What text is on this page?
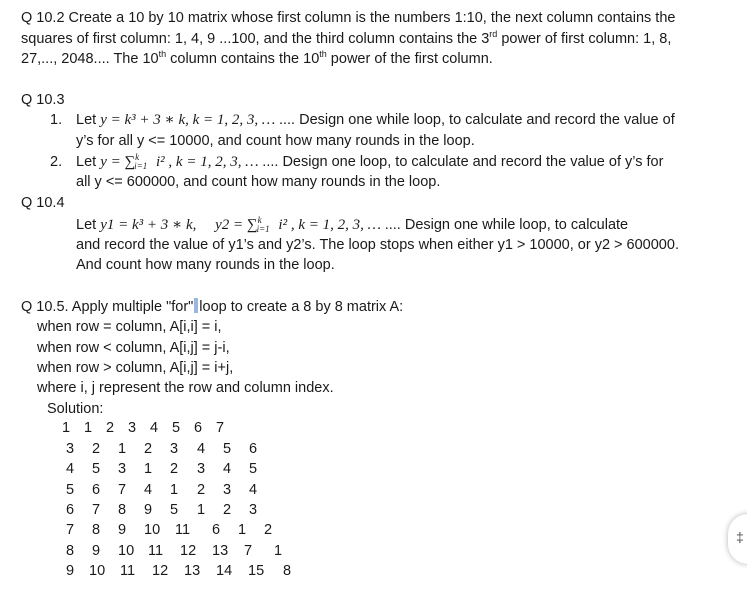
Q 10.2 Create a 10 by 10 matrix whose first column is the numbers 1:10, the next column contains the
squares of first column: 1, 4, 9 ...100, and the third column contains the 3rd power of first column: 1, 8,
27,..., 2048.... The 10th column contains the 10th power of the first column.
Q 10.3
1. Let y = k³ + 3 ∗ k, k = 1, 2, 3, … .... Design one while loop, to calculate and record the value of
y’s for all y <= 10000, and count how many rounds in the loop.
2. Let y = ∑$^k_{i=1}$ i² , k = 1, 2, 3, … .... Design one loop, to calculate and record the value of y’s for
all y <= 600000, and count how many rounds in the loop.
Q 10.4
Let y1 = k³ + 3 ∗ k,     y2 = ∑$^k_{i=1}$ i² , k = 1, 2, 3, … .... Design one while loop, to calculate
and record the value of y1’s and y2’s. The loop stops when either y1 > 10000, or y2 > 600000.
And count how many rounds in the loop.
Q 10.5. Apply multiple "for" loop to create a 8 by 8 matrix A:
when row = column, A[i,i] = i,
when row < column, A[i,j] = j-i,
when row > column, A[i,j] = i+j,
where i, j represent the row and column index.
Solution:
1 1 2 3 4 5 6 7
3 2 1 2 3 4 5 6
4 5 3 1 2 3 4 5
5 6 7 4 1 2 3 4
6 7 8 9 5 1 2 3
7 8 9 10 11 6 1 2
8 9 10 11 12 13 7 1
9 10 11 12 13 14 15 8
‡
